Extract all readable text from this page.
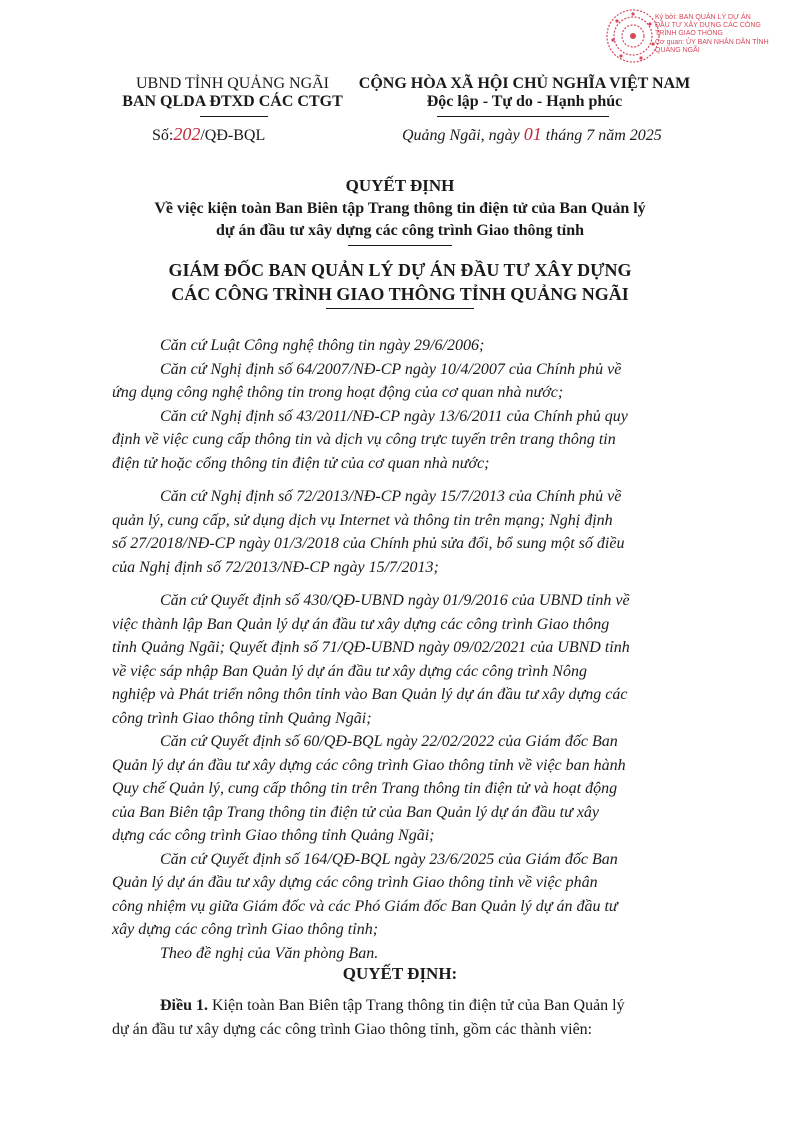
Ký bởi: BAN QUẢN LÝ DỰ ÁN
ĐẦU TƯ XÂY DỰNG CÁC CÔNG
TRÌNH GIAO THÔNG
Cơ quan: ỦY BAN NHÂN DÂN TỈNH
QUẢNG NGÃI
UBND TỈNH QUẢNG NGÃI
BAN QLDA ĐTXD CÁC CTGT
Số:202/QĐ-BQL
CỘNG HÒA XÃ HỘI CHỦ NGHĨA VIỆT NAM
Độc lập - Tự do - Hạnh phúc
Quảng Ngãi, ngày 01 tháng 7 năm 2025
QUYẾT ĐỊNH
Về việc kiện toàn Ban Biên tập Trang thông tin điện tử của Ban Quản lý
dự án đầu tư xây dựng các công trình Giao thông tỉnh
GIÁM ĐỐC BAN QUẢN LÝ DỰ ÁN ĐẦU TƯ XÂY DỰNG
CÁC CÔNG TRÌNH GIAO THÔNG TỈNH QUẢNG NGÃI
Căn cứ Luật Công nghệ thông tin ngày 29/6/2006;
Căn cứ Nghị định số 64/2007/NĐ-CP ngày 10/4/2007 của Chính phủ về
ứng dụng công nghệ thông tin trong hoạt động của cơ quan nhà nước;
Căn cứ Nghị định số 43/2011/NĐ-CP ngày 13/6/2011 của Chính phủ quy
định về việc cung cấp thông tin và dịch vụ công trực tuyến trên trang thông tin
điện tử hoặc cổng thông tin điện tử của cơ quan nhà nước;
Căn cứ Nghị định số 72/2013/NĐ-CP ngày 15/7/2013 của Chính phủ về
quản lý, cung cấp, sử dụng dịch vụ Internet và thông tin trên mạng; Nghị định
số 27/2018/NĐ-CP ngày 01/3/2018 của Chính phủ sửa đổi, bổ sung một số điều
của Nghị định số 72/2013/NĐ-CP ngày 15/7/2013;
Căn cứ Quyết định số 430/QĐ-UBND ngày 01/9/2016 của UBND tỉnh về
việc thành lập Ban Quản lý dự án đầu tư xây dựng các công trình Giao thông
tỉnh Quảng Ngãi; Quyết định số 71/QĐ-UBND ngày 09/02/2021 của UBND tỉnh
về việc sáp nhập Ban Quản lý dự án đầu tư xây dựng các công trình Nông
nghiệp và Phát triển nông thôn tỉnh vào Ban Quản lý dự án đầu tư xây dựng các
công trình Giao thông tỉnh Quảng Ngãi;
Căn cứ Quyết định số 60/QĐ-BQL ngày 22/02/2022 của Giám đốc Ban
Quản lý dự án đầu tư xây dựng các công trình Giao thông tỉnh về việc ban hành
Quy chế Quản lý, cung cấp thông tin trên Trang thông tin điện tử và hoạt động
của Ban Biên tập Trang thông tin điện tử của Ban Quản lý dự án đầu tư xây
dựng các công trình Giao thông tỉnh Quảng Ngãi;
Căn cứ Quyết định số 164/QĐ-BQL ngày 23/6/2025 của Giám đốc Ban
Quản lý dự án đầu tư xây dựng các công trình Giao thông tỉnh về việc phân
công nhiệm vụ giữa Giám đốc và các Phó Giám đốc Ban Quản lý dự án đầu tư
xây dựng các công trình Giao thông tỉnh;
Theo đề nghị của Văn phòng Ban.
QUYẾT ĐỊNH:
Điều 1. Kiện toàn Ban Biên tập Trang thông tin điện tử của Ban Quản lý
dự án đầu tư xây dựng các công trình Giao thông tỉnh, gồm các thành viên:
